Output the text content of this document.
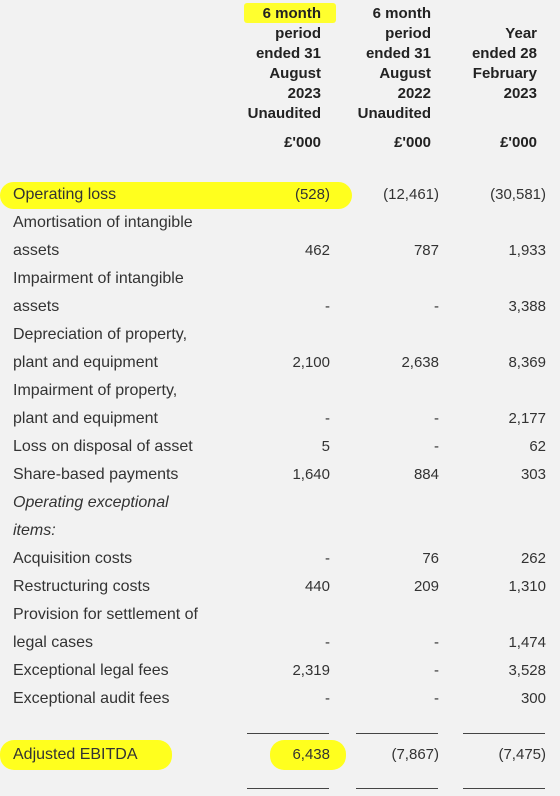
6 month
period
ended 31
August
2023
Unaudited
£'000
6 month
period
ended 31
August
2022
Unaudited
£'000
Year
ended 28
February
2023
£'000
Operating loss	(528)	(12,461)	(30,581)
Amortisation of intangible
assets	462	787	1,933
Impairment of intangible
assets	-	-	3,388
Depreciation of property,
plant and equipment	2,100	2,638	8,369
Impairment of property,
plant and equipment	-	-	2,177
Loss on disposal of asset	5	-	62
Share-based payments	1,640	884	303
Operating exceptional
items:
Acquisition costs	-	76	262
Restructuring costs	440	209	1,310
Provision for settlement of
legal cases	-	-	1,474
Exceptional legal fees	2,319	-	3,528
Exceptional audit fees	-	-	300
Adjusted EBITDA	6,438	(7,867)	(7,475)
